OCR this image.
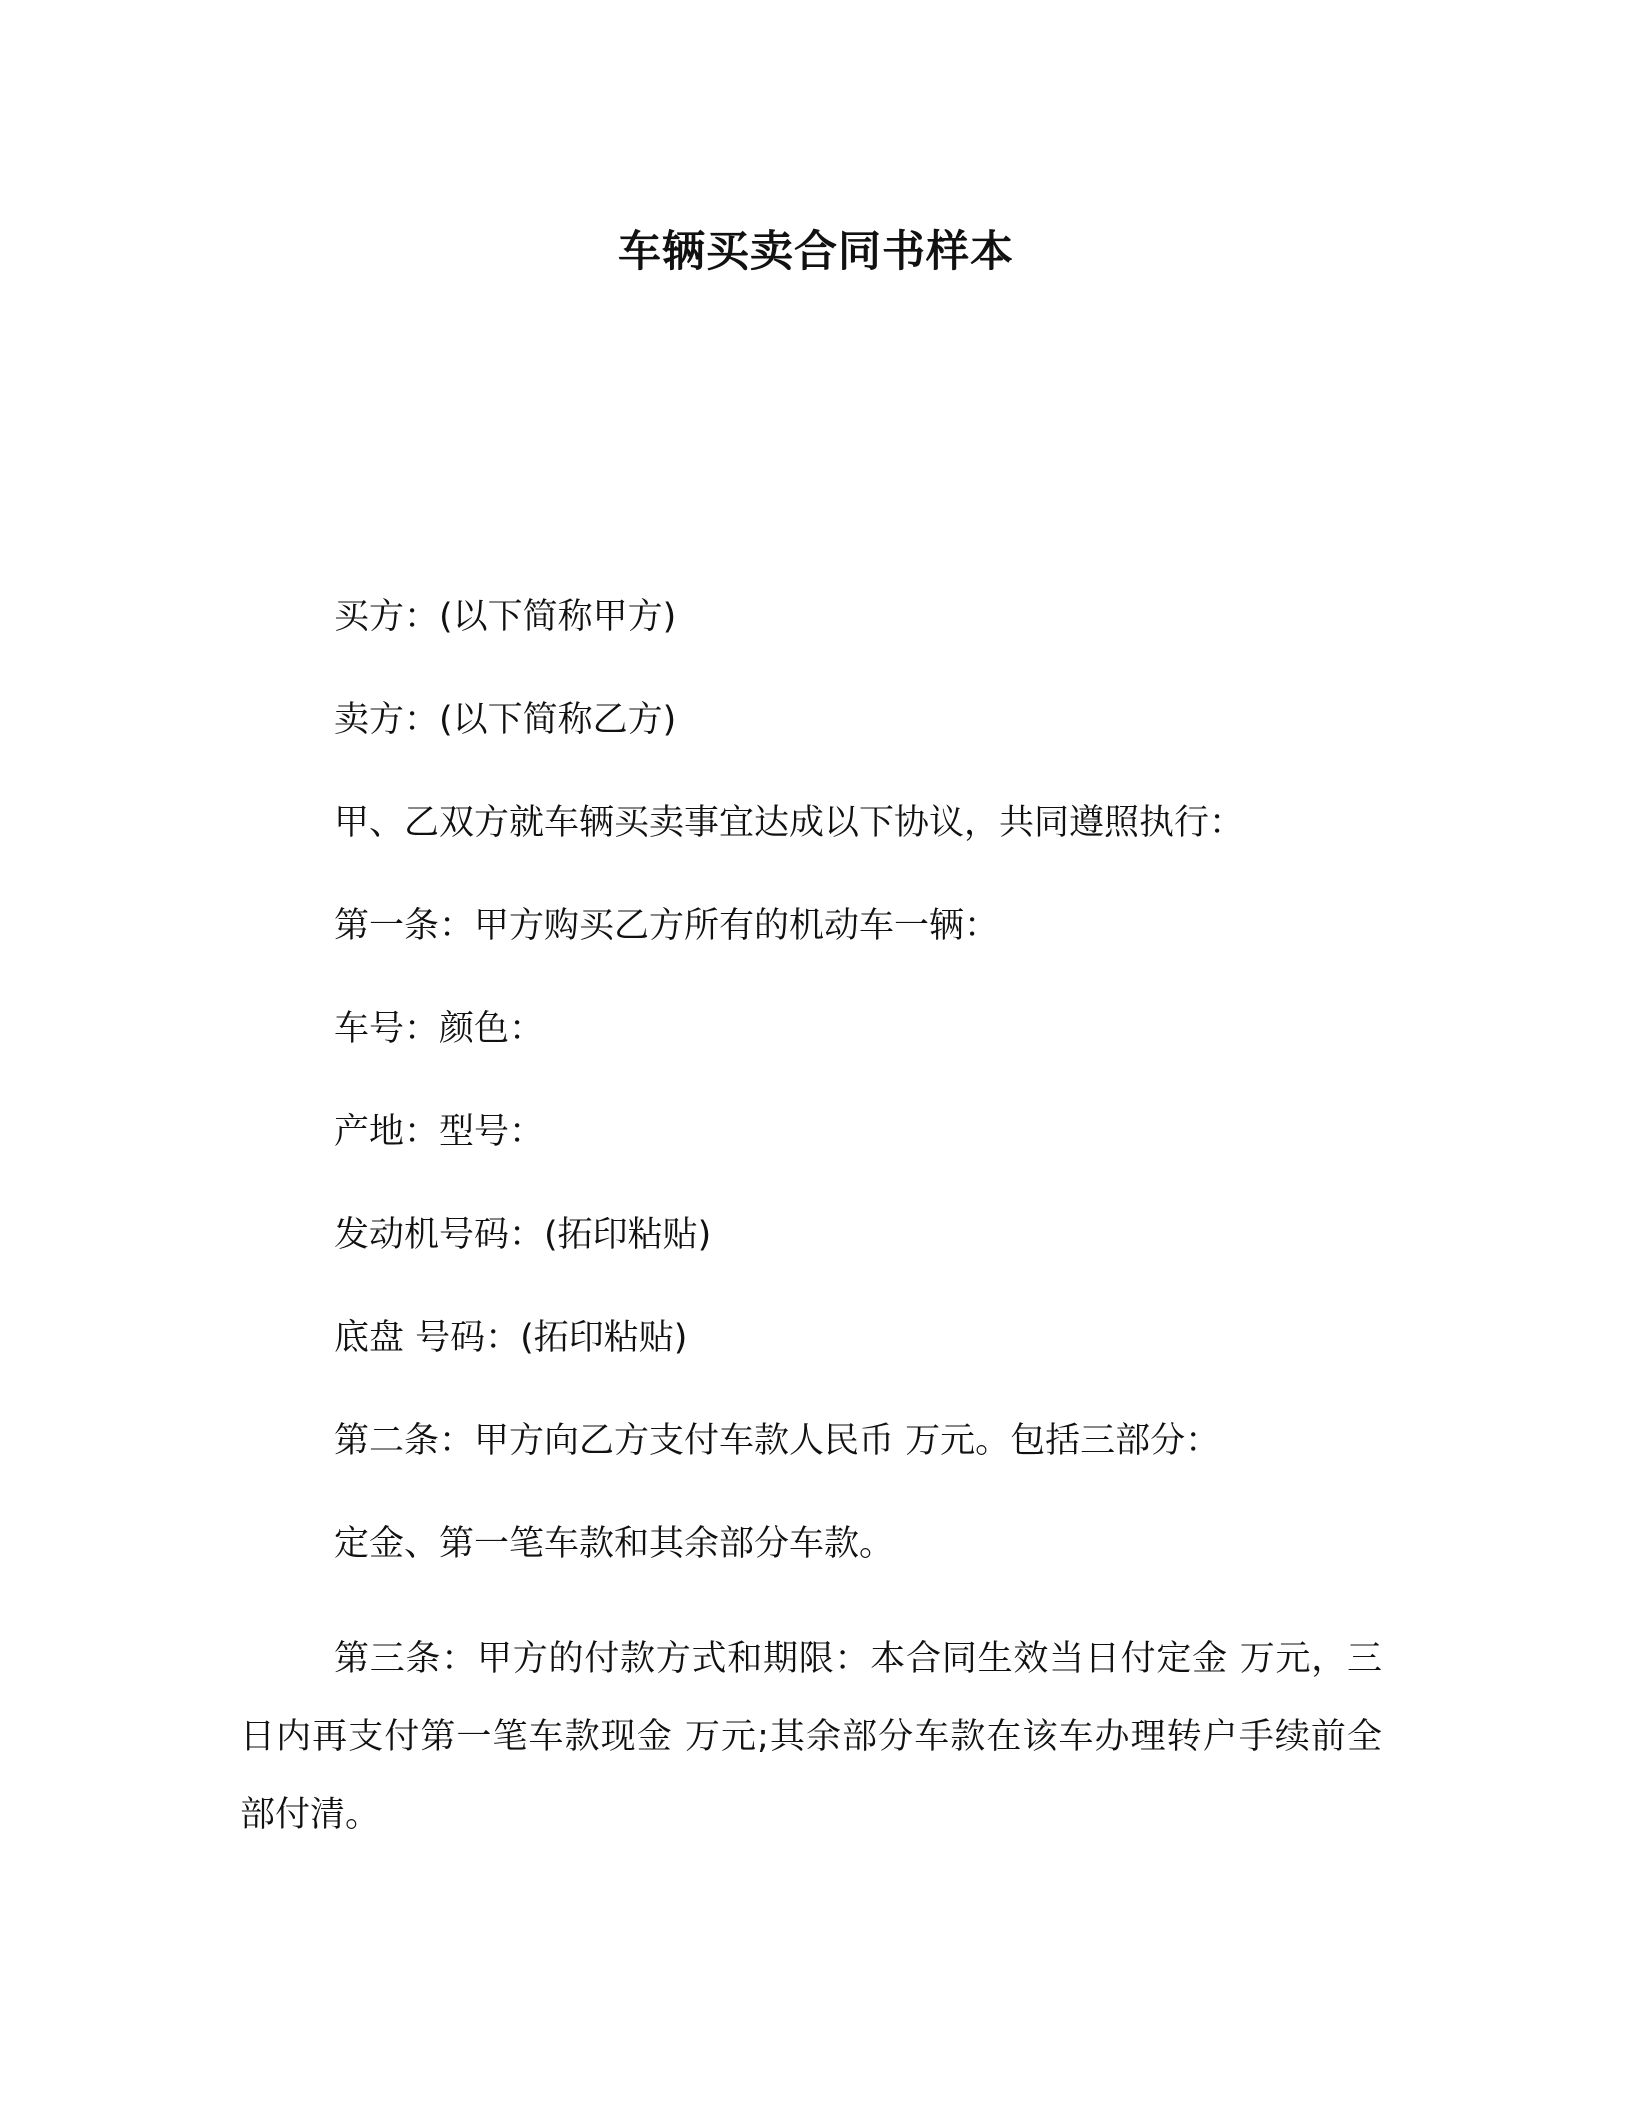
车辆买卖合同书样本

买方：(以下简称甲方)

卖方：(以下简称乙方)

甲、乙双方就车辆买卖事宜达成以下协议，共同遵照执行：

第一条：甲方购买乙方所有的机动车一辆：

车号：颜色：

产地：型号：

发动机号码：(拓印粘贴)

底盘 号码：(拓印粘贴)

第二条：甲方向乙方支付车款人民币 万元。包括三部分：

定金、第一笔车款和其余部分车款。

第三条：甲方的付款方式和期限：本合同生效当日付定金 万元，三日内再支付第一笔车款现金 万元;其余部分车款在该车办理转户手续前全部付清。
